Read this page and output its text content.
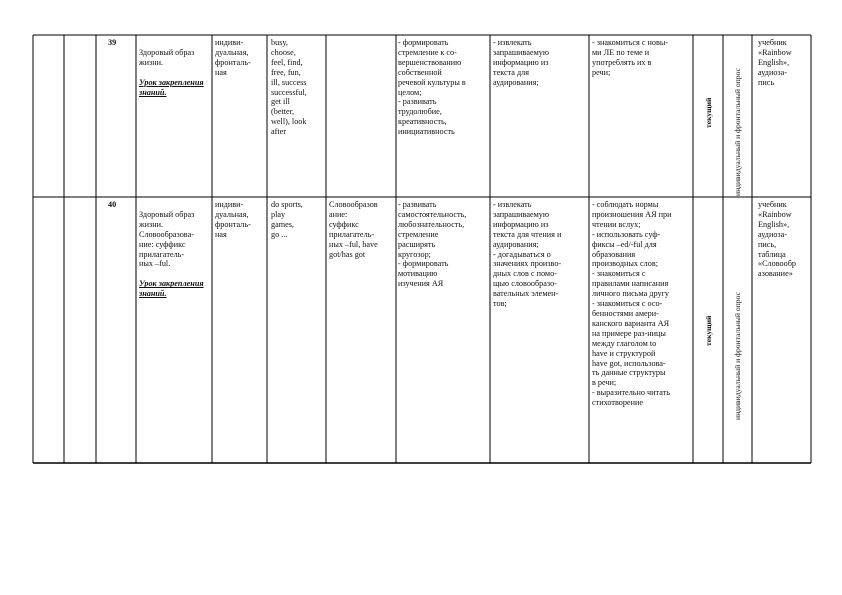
39

Здоровый образ жизни.

Урок закрепления знаний.

индиви-
дуальная,
фронталь-
ная
busy,
choose,
feel, find,
free, fun,
ill, success
successful,
get ill
(better,
well), look
after
- формировать
стремление к со-
вершенствованию
собственной
речевой культуры в
целом;
- развивать
трудолюбие,
креативность,
инициативность
- извлекать
запрашиваемую
информацию из
текста для
аудирования;
- знакомиться с новы-
ми ЛЕ по теме и
употреблять их в
речи;
текущий	индивидуальный и фронтальный опрос
учебник
«Rainbow
English»,
аудиоза-
пись
40

Здоровый образ жизни.
Словообразова-
ние: суффикс
прилагатель-
ных –ful.

Урок закрепления знаний.

индиви-
дуальная,
фронталь-
ная
do sports,
play
games,
go ...
Словообразов
ание:
суффикс
прилагатель-
ных –ful, have
got/has got
- развивать
самостоятельность,
любознательность,
стремление
расширять
кругозор;
- формировать
мотивацию
изучения АЯ
- извлекать
запрашиваемую
информацию из
текста для чтения и
аудирования;
- догадываться о
значениях произво-
дных слов с помо-
щью словообразо-
вательных элемен-
тов;
- соблюдать нормы
произношения АЯ при
чтении вслух;
- использовать суф-
фиксы –ed/-ful для
образования
производных слов;
- знакомиться с
правилами написания
личного письма другу
- знакомиться с осо-
бенностями амери-
канского варианта АЯ
на примере раз-ницы
между глаголом to
have и структурой
have got, использова-
ть данные структуры
в речи;
- выразительно читать
стихотворение
текущий	индивидуальный и фронтальный опрос
учебник
«Rainbow
English»,
аудиоза-
пись,
таблица
«Словообр
азование»
